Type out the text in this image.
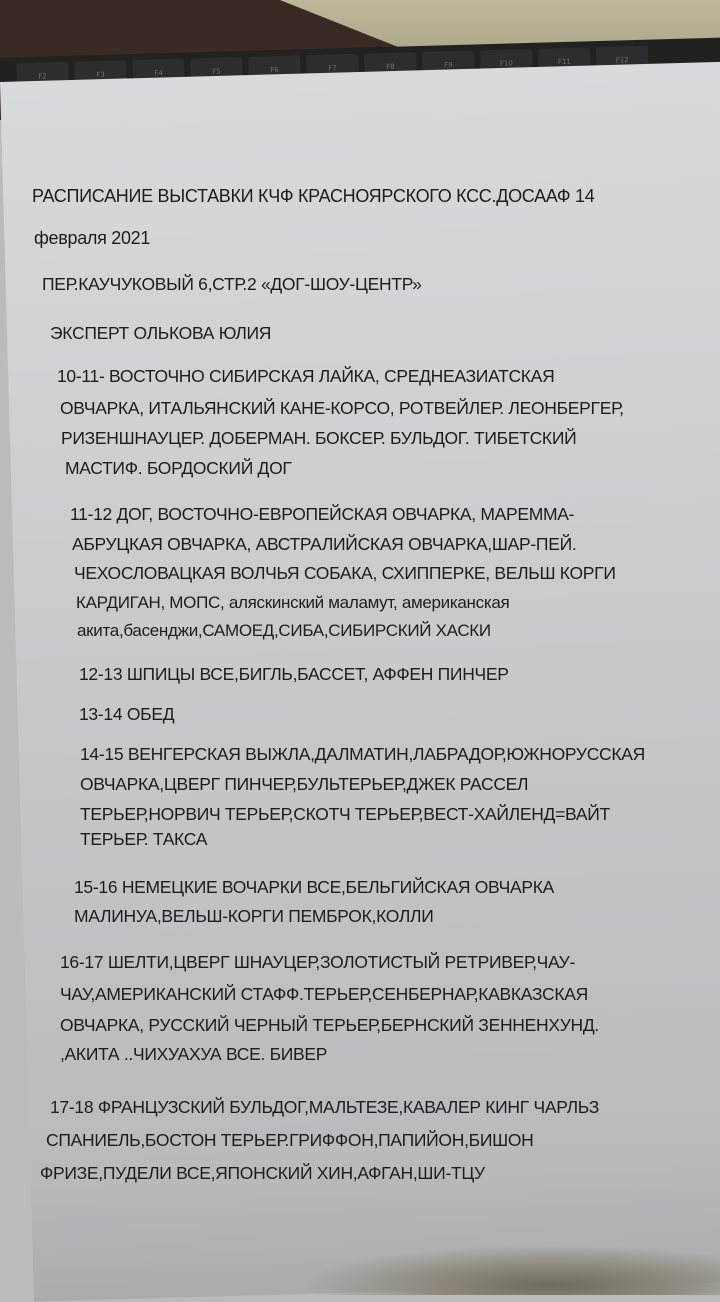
F2	F3	F4	F5	F6	F7	F8	F9	F10	F11	F12
РАСПИСАНИЕ ВЫСТАВКИ КЧФ КРАСНОЯРСКОГО КСС.ДОСААФ 14
февраля 2021
ПЕР.КАУЧУКОВЫЙ 6,СТР.2 «ДОГ-ШОУ-ЦЕНТР»
ЭКСПЕРТ ОЛЬКОВА ЮЛИЯ
10-11- ВОСТОЧНО СИБИРСКАЯ ЛАЙКА, СРЕДНЕАЗИАТСКАЯ
ОВЧАРКА, ИТАЛЬЯНСКИЙ КАНЕ-КОРСО, РОТВЕЙЛЕР. ЛЕОНБЕРГЕР,
РИЗЕНШНАУЦЕР. ДОБЕРМАН. БОКСЕР. БУЛЬДОГ. ТИБЕТСКИЙ
МАСТИФ. БОРДОСКИЙ ДОГ
11-12 ДОГ, ВОСТОЧНО-ЕВРОПЕЙСКАЯ ОВЧАРКА, МАРЕММА-
АБРУЦКАЯ ОВЧАРКА, АВСТРАЛИЙСКАЯ ОВЧАРКА,ШАР-ПЕЙ.
ЧЕХОСЛОВАЦКАЯ ВОЛЧЬЯ СОБАКА, СХИППЕРКЕ, ВЕЛЬШ КОРГИ
КАРДИГАН, МОПС, аляскинский маламут, американская
акита,басенджи,САМОЕД,СИБА,СИБИРСКИЙ ХАСКИ
12-13 ШПИЦЫ ВСЕ,БИГЛЬ,БАССЕТ, АФФЕН ПИНЧЕР
13-14 ОБЕД
14-15 ВЕНГЕРСКАЯ ВЫЖЛА,ДАЛМАТИН,ЛАБРАДОР,ЮЖНОРУССКАЯ
ОВЧАРКА,ЦВЕРГ ПИНЧЕР,БУЛЬТЕРЬЕР,ДЖЕК РАССЕЛ
ТЕРЬЕР,НОРВИЧ ТЕРЬЕР,СКОТЧ ТЕРЬЕР,ВЕСТ-ХАЙЛЕНД=ВАЙТ
ТЕРЬЕР. ТАКСА
15-16 НЕМЕЦКИЕ ВОЧАРКИ ВСЕ,БЕЛЬГИЙСКАЯ ОВЧАРКА
МАЛИНУА,ВЕЛЬШ-КОРГИ ПЕМБРОК,КОЛЛИ
16-17 ШЕЛТИ,ЦВЕРГ ШНАУЦЕР,ЗОЛОТИСТЫЙ РЕТРИВЕР,ЧАУ-
ЧАУ,АМЕРИКАНСКИЙ СТАФФ.ТЕРЬЕР,СЕНБЕРНАР,КАВКАЗСКАЯ
ОВЧАРКА, РУССКИЙ ЧЕРНЫЙ ТЕРЬЕР,БЕРНСКИЙ ЗЕННЕНХУНД.
,АКИТА ..ЧИХУАХУА ВСЕ. БИВЕР
17-18 ФРАНЦУЗСКИЙ БУЛЬДОГ,МАЛЬТЕЗЕ,КАВАЛЕР КИНГ ЧАРЛЬЗ
СПАНИЕЛЬ,БОСТОН ТЕРЬЕР.ГРИФФОН,ПАПИЙОН,БИШОН
ФРИЗЕ,ПУДЕЛИ ВСЕ,ЯПОНСКИЙ ХИН,АФГАН,ШИ-ТЦУ
